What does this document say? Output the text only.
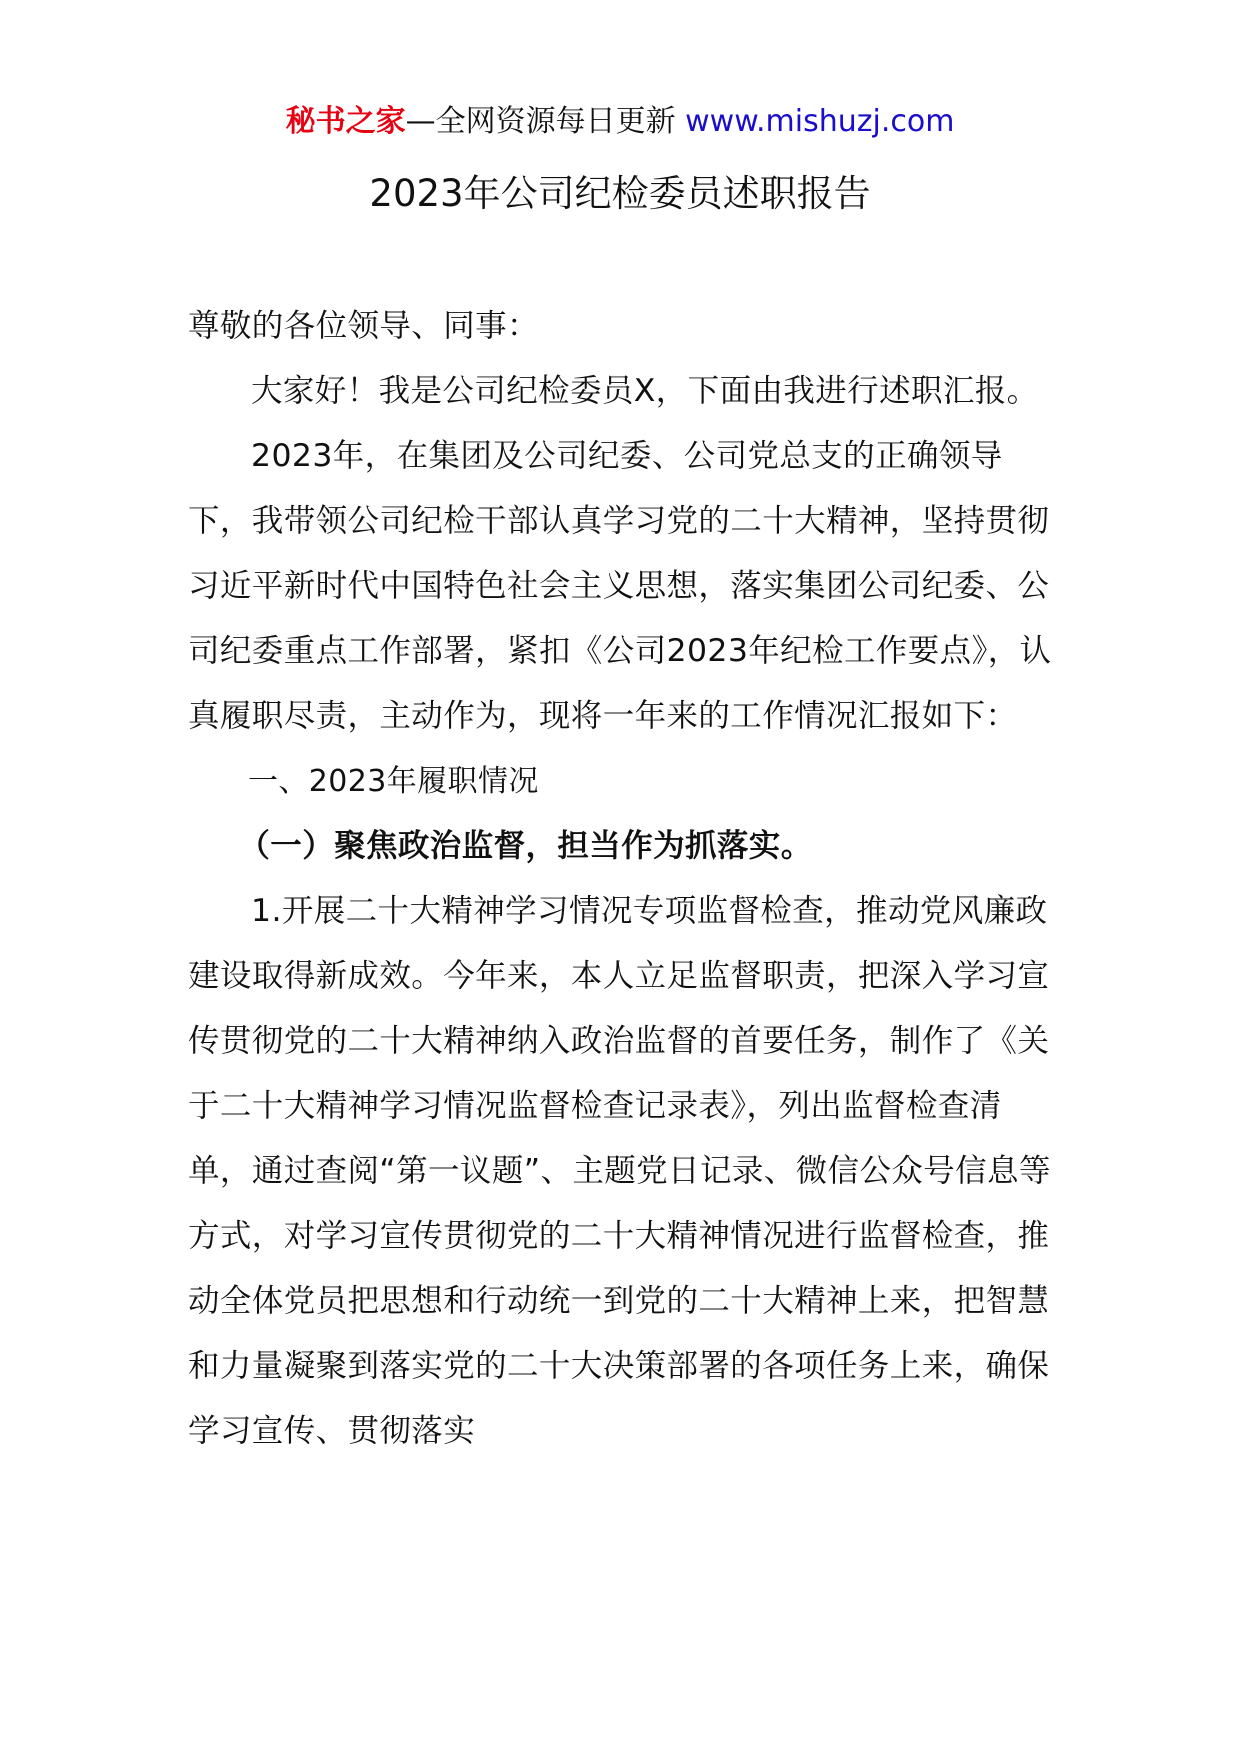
秘书之家—全网资源每日更新 www.mishuzj.com
2023年公司纪检委员述职报告

尊敬的各位领导、同事：

大家好！我是公司纪检委员X，下面由我进行述职汇报。

2023年，在集团及公司纪委、公司党总支的正确领导下，我带领公司纪检干部认真学习党的二十大精神，坚持贯彻习近平新时代中国特色社会主义思想，落实集团公司纪委、公司纪委重点工作部署，紧扣《公司2023年纪检工作要点》，认真履职尽责，主动作为，现将一年来的工作情况汇报如下：

一、2023年履职情况

（一）聚焦政治监督，担当作为抓落实。

1.开展二十大精神学习情况专项监督检查，推动党风廉政建设取得新成效。今年来，本人立足监督职责，把深入学习宣传贯彻党的二十大精神纳入政治监督的首要任务，制作了《关于二十大精神学习情况监督检查记录表》，列出监督检查清单，通过查阅“第一议题”、主题党日记录、微信公众号信息等方式，对学习宣传贯彻党的二十大精神情况进行监督检查，推动全体党员把思想和行动统一到党的二十大精神上来，把智慧和力量凝聚到落实党的二十大决策部署的各项任务上来，确保学习宣传、贯彻落实
